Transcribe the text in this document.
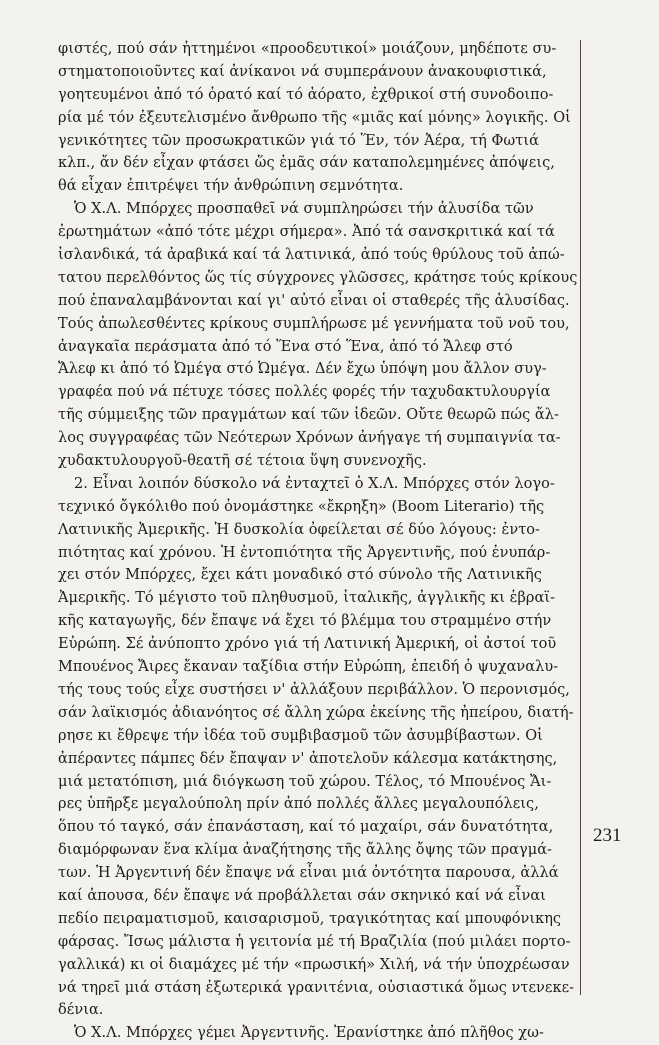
φιστές, πού σάν ἡττημένοι «προοδευτικοί» μοιάζουν, μηδέποτε συ-
στηματοποιοῦντες καί ἀνίκανοι νά συμπεράνουν ἀνακουφιστικά,
γοητευμένοι ἀπό τό ὁρατό καί τό ἀόρατο, ἐχθρικοί στή συνοδοιπο-
ρία μέ τόν ἐξευτελισμένο ἄνθρωπο τῆς «μιᾶς καί μόνης» λογικῆς. Οἱ
γενικότητες τῶν προσωκρατικῶν γιά τό Ἕν, τόν Ἀέρα, τή Φωτιά
κλπ., ἄν δέν εἶχαν φτάσει ὥς ἐμᾶς σάν καταπολεμημένες ἀπόψεις,
θά εἶχαν ἐπιτρέψει τήν ἀνθρώπινη σεμνότητα.
Ὁ Χ.Λ. Μπόρχες προσπαθεῖ νά συμπληρώσει τήν ἁλυσίδα τῶν
ἐρωτημάτων «ἀπό τότε μέχρι σήμερα». Ἀπό τά σανσκριτικά καί τά
ἰσλανδικά, τά ἀραβικά καί τά λατινικά, ἀπό τούς θρύλους τοῦ ἀπώ-
τατου περελθόντος ὥς τίς σύγχρονες γλῶσσες, κράτησε τούς κρίκους
πού ἐπαναλαμβάνονται καί γι' αὐτό εἶναι οἱ σταθερές τῆς ἁλυσίδας.
Τούς ἀπωλεσθέντες κρίκους συμπλήρωσε μέ γεννήματα τοῦ νοῦ του,
ἀναγκαῖα περάσματα ἀπό τό Ἕνα στό Ἕνα, ἀπό τό Ἄλεφ στό
Ἄλεφ κι ἀπό τό Ὠμέγα στό Ὠμέγα. Δέν ἔχω ὑπόψη μου ἄλλον συγ-
γραφέα πού νά πέτυχε τόσες πολλές φορές τήν ταχυδακτυλουργία
τῆς σύμμειξης τῶν πραγμάτων καί τῶν ἰδεῶν. Οὔτε θεωρῶ πώς ἄλ-
λος συγγραφέας τῶν Νεότερων Χρόνων ἀνήγαγε τή συμπαιγνία τα-
χυδακτυλουργοῦ-θεατῆ σέ τέτοια ὕψη συνενοχῆς.
2. Εἶναι λοιπόν δύσκολο νά ἐνταχτεῖ ὁ Χ.Λ. Μπόρχες στόν λογο-
τεχνικό ὄγκόλιθο πού ὀνομάστηκε «ἔκρηξη» (Boom Literario) τῆς
Λατινικῆς Ἀμερικῆς. Ἡ δυσκολία ὀφείλεται σέ δύο λόγους: ἐντο-
πιότητας καί χρόνου. Ἡ ἐντοπιότητα τῆς Ἀργεντινῆς, πού ἐνυπάρ-
χει στόν Μπόρχες, ἔχει κάτι μοναδικό στό σύνολο τῆς Λατινικῆς
Ἀμερικῆς. Τό μέγιστο τοῦ πληθυσμοῦ, ἰταλικῆς, ἀγγλικῆς κι ἑβραϊ-
κῆς καταγωγῆς, δέν ἔπαψε νά ἔχει τό βλέμμα του στραμμένο στήν
Εὐρώπη. Σέ ἀνύποπτο χρόνο γιά τή Λατινική Ἀμερική, οἱ ἀστοί τοῦ
Μπουένος Ἄιρες ἔκαναν ταξίδια στήν Εὐρώπη, ἐπειδή ὁ ψυχαναλυ-
τής τους τούς εἶχε συστήσει ν' ἀλλάξουν περιβάλλον. Ὁ περονισμός,
σάν λαϊκισμός ἀδιανόητος σέ ἄλλη χώρα ἐκείνης τῆς ἠπείρου, διατή-
ρησε κι ἔθρεψε τήν ἰδέα τοῦ συμβιβασμοῦ τῶν ἀσυμβίβαστων. Οἱ
ἀπέραντες πάμπες δέν ἔπαψαν ν' ἀποτελοῦν κάλεσμα κατάκτησης,
μιά μετατόπιση, μιά διόγκωση τοῦ χώρου. Τέλος, τό Μπουένος Ἄι-
ρες ὑπῆρξε μεγαλούπολη πρίν ἀπό πολλές ἄλλες μεγαλουπόλεις,
ὅπου τό ταγκό, σάν ἐπανάσταση, καί τό μαχαίρι, σάν δυνατότητα,
διαμόρφωναν ἕνα κλίμα ἀναζήτησης τῆς ἄλλης ὄψης τῶν πραγμά-
των. Ἡ Ἀργεντινή δέν ἔπαψε νά εἶναι μιά ὀντότητα παρουσα, ἀλλά
καί ἀπουσα, δέν ἔπαψε νά προβάλλεται σάν σκηνικό καί νά εἶναι
πεδίο πειραματισμοῦ, καισαρισμοῦ, τραγικότητας καί μπουφόνικης
φάρσας. Ἴσως μάλιστα ἡ γειτονία μέ τή Βραζιλία (πού μιλάει πορτο-
γαλλικά) κι οἱ διαμάχες μέ τήν «πρωσική» Χιλή, νά τήν ὑποχρέωσαν
νά τηρεῖ μιά στάση ἐξωτερικά γρανιτένια, οὐσιαστικά ὅμως ντενεκε-
δένια.
Ὁ Χ.Λ. Μπόρχες γέμει Ἀργεντινῆς. Ἐρανίστηκε ἀπό πλῆθος χω-
231
